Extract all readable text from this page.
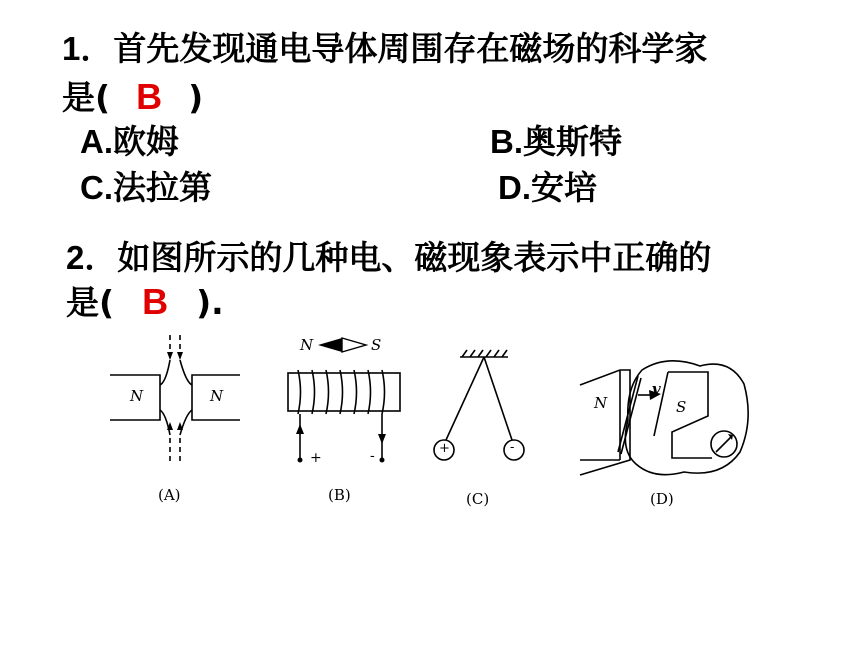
1．首先发现通电导体周围存在磁场的科学家
是( B )
A.欧姆	B.奥斯特
C.法拉第	D.安培
2．如图所示的几种电、磁现象表示中正确的
是( B ).
N	N
(A)
N	S
+	-
(B)
+	-
(C)
N	S
v
(D)
